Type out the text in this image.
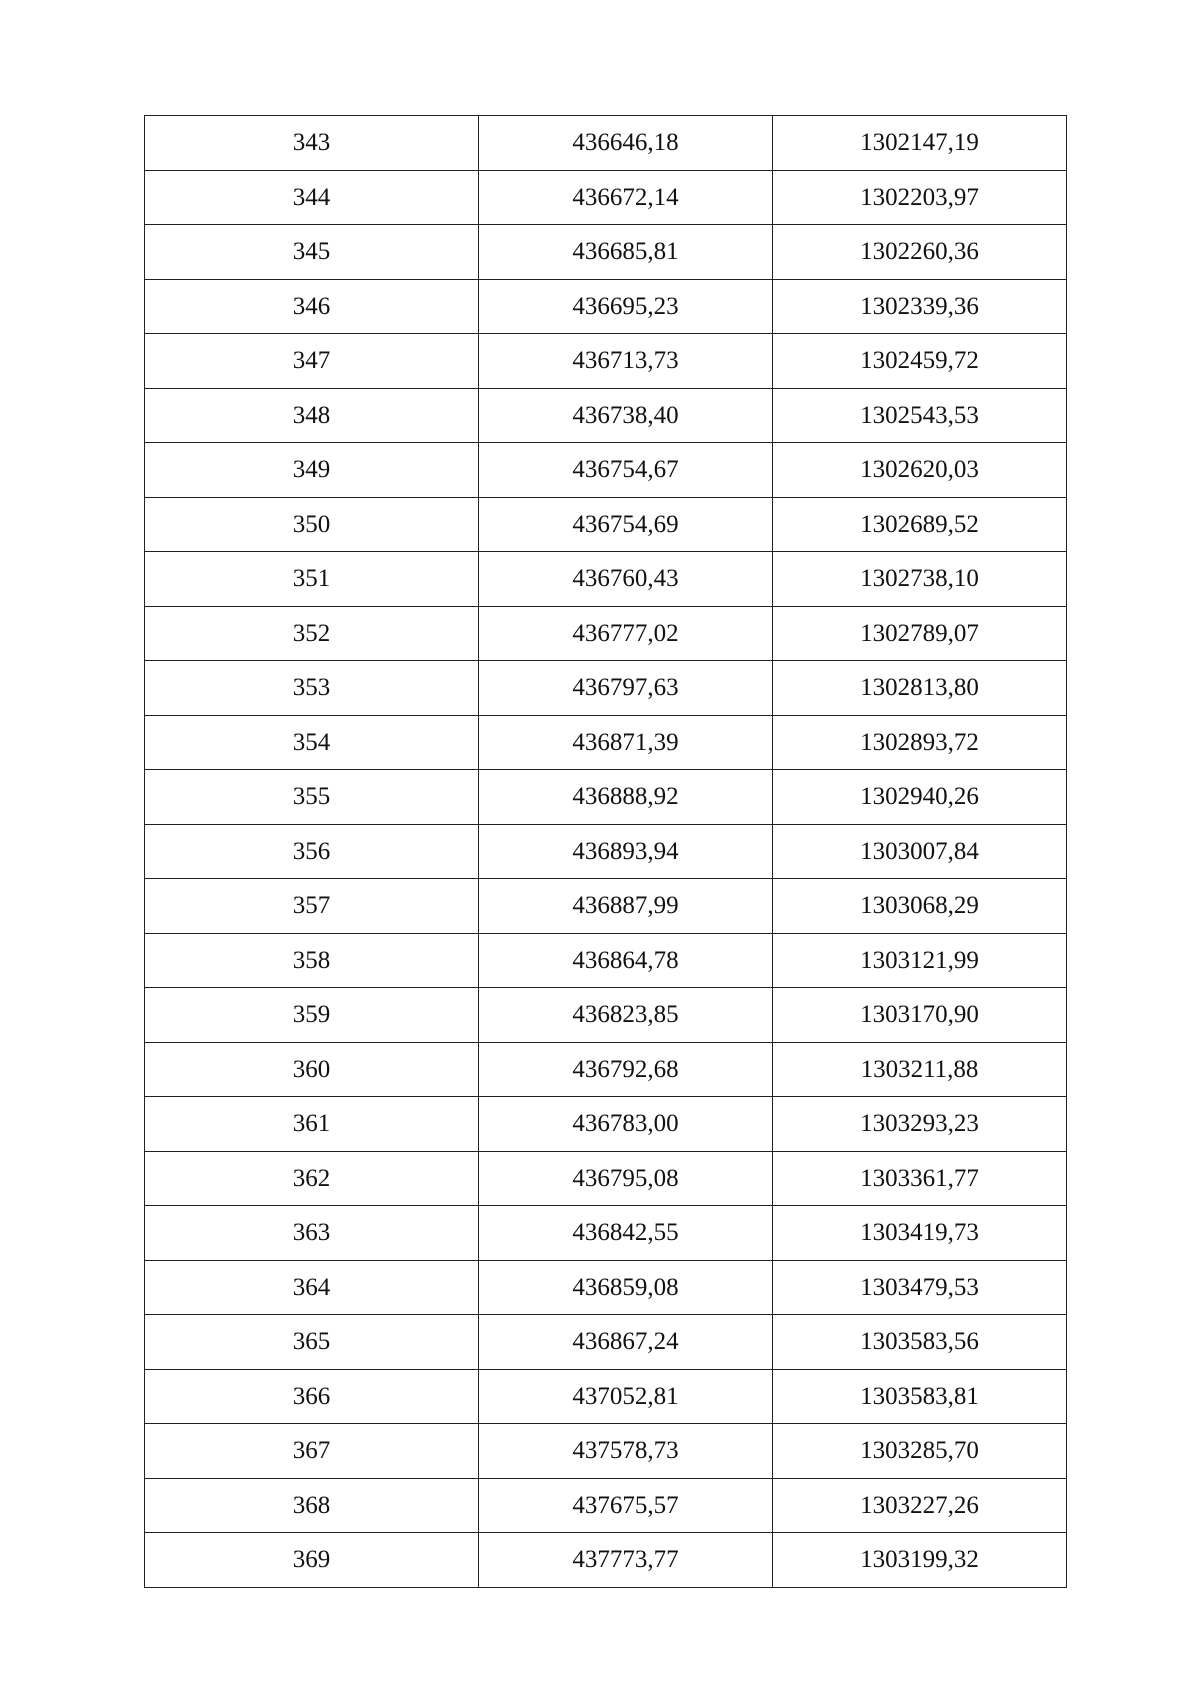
343	436646,18	1302147,19
344	436672,14	1302203,97
345	436685,81	1302260,36
346	436695,23	1302339,36
347	436713,73	1302459,72
348	436738,40	1302543,53
349	436754,67	1302620,03
350	436754,69	1302689,52
351	436760,43	1302738,10
352	436777,02	1302789,07
353	436797,63	1302813,80
354	436871,39	1302893,72
355	436888,92	1302940,26
356	436893,94	1303007,84
357	436887,99	1303068,29
358	436864,78	1303121,99
359	436823,85	1303170,90
360	436792,68	1303211,88
361	436783,00	1303293,23
362	436795,08	1303361,77
363	436842,55	1303419,73
364	436859,08	1303479,53
365	436867,24	1303583,56
366	437052,81	1303583,81
367	437578,73	1303285,70
368	437675,57	1303227,26
369	437773,77	1303199,32
